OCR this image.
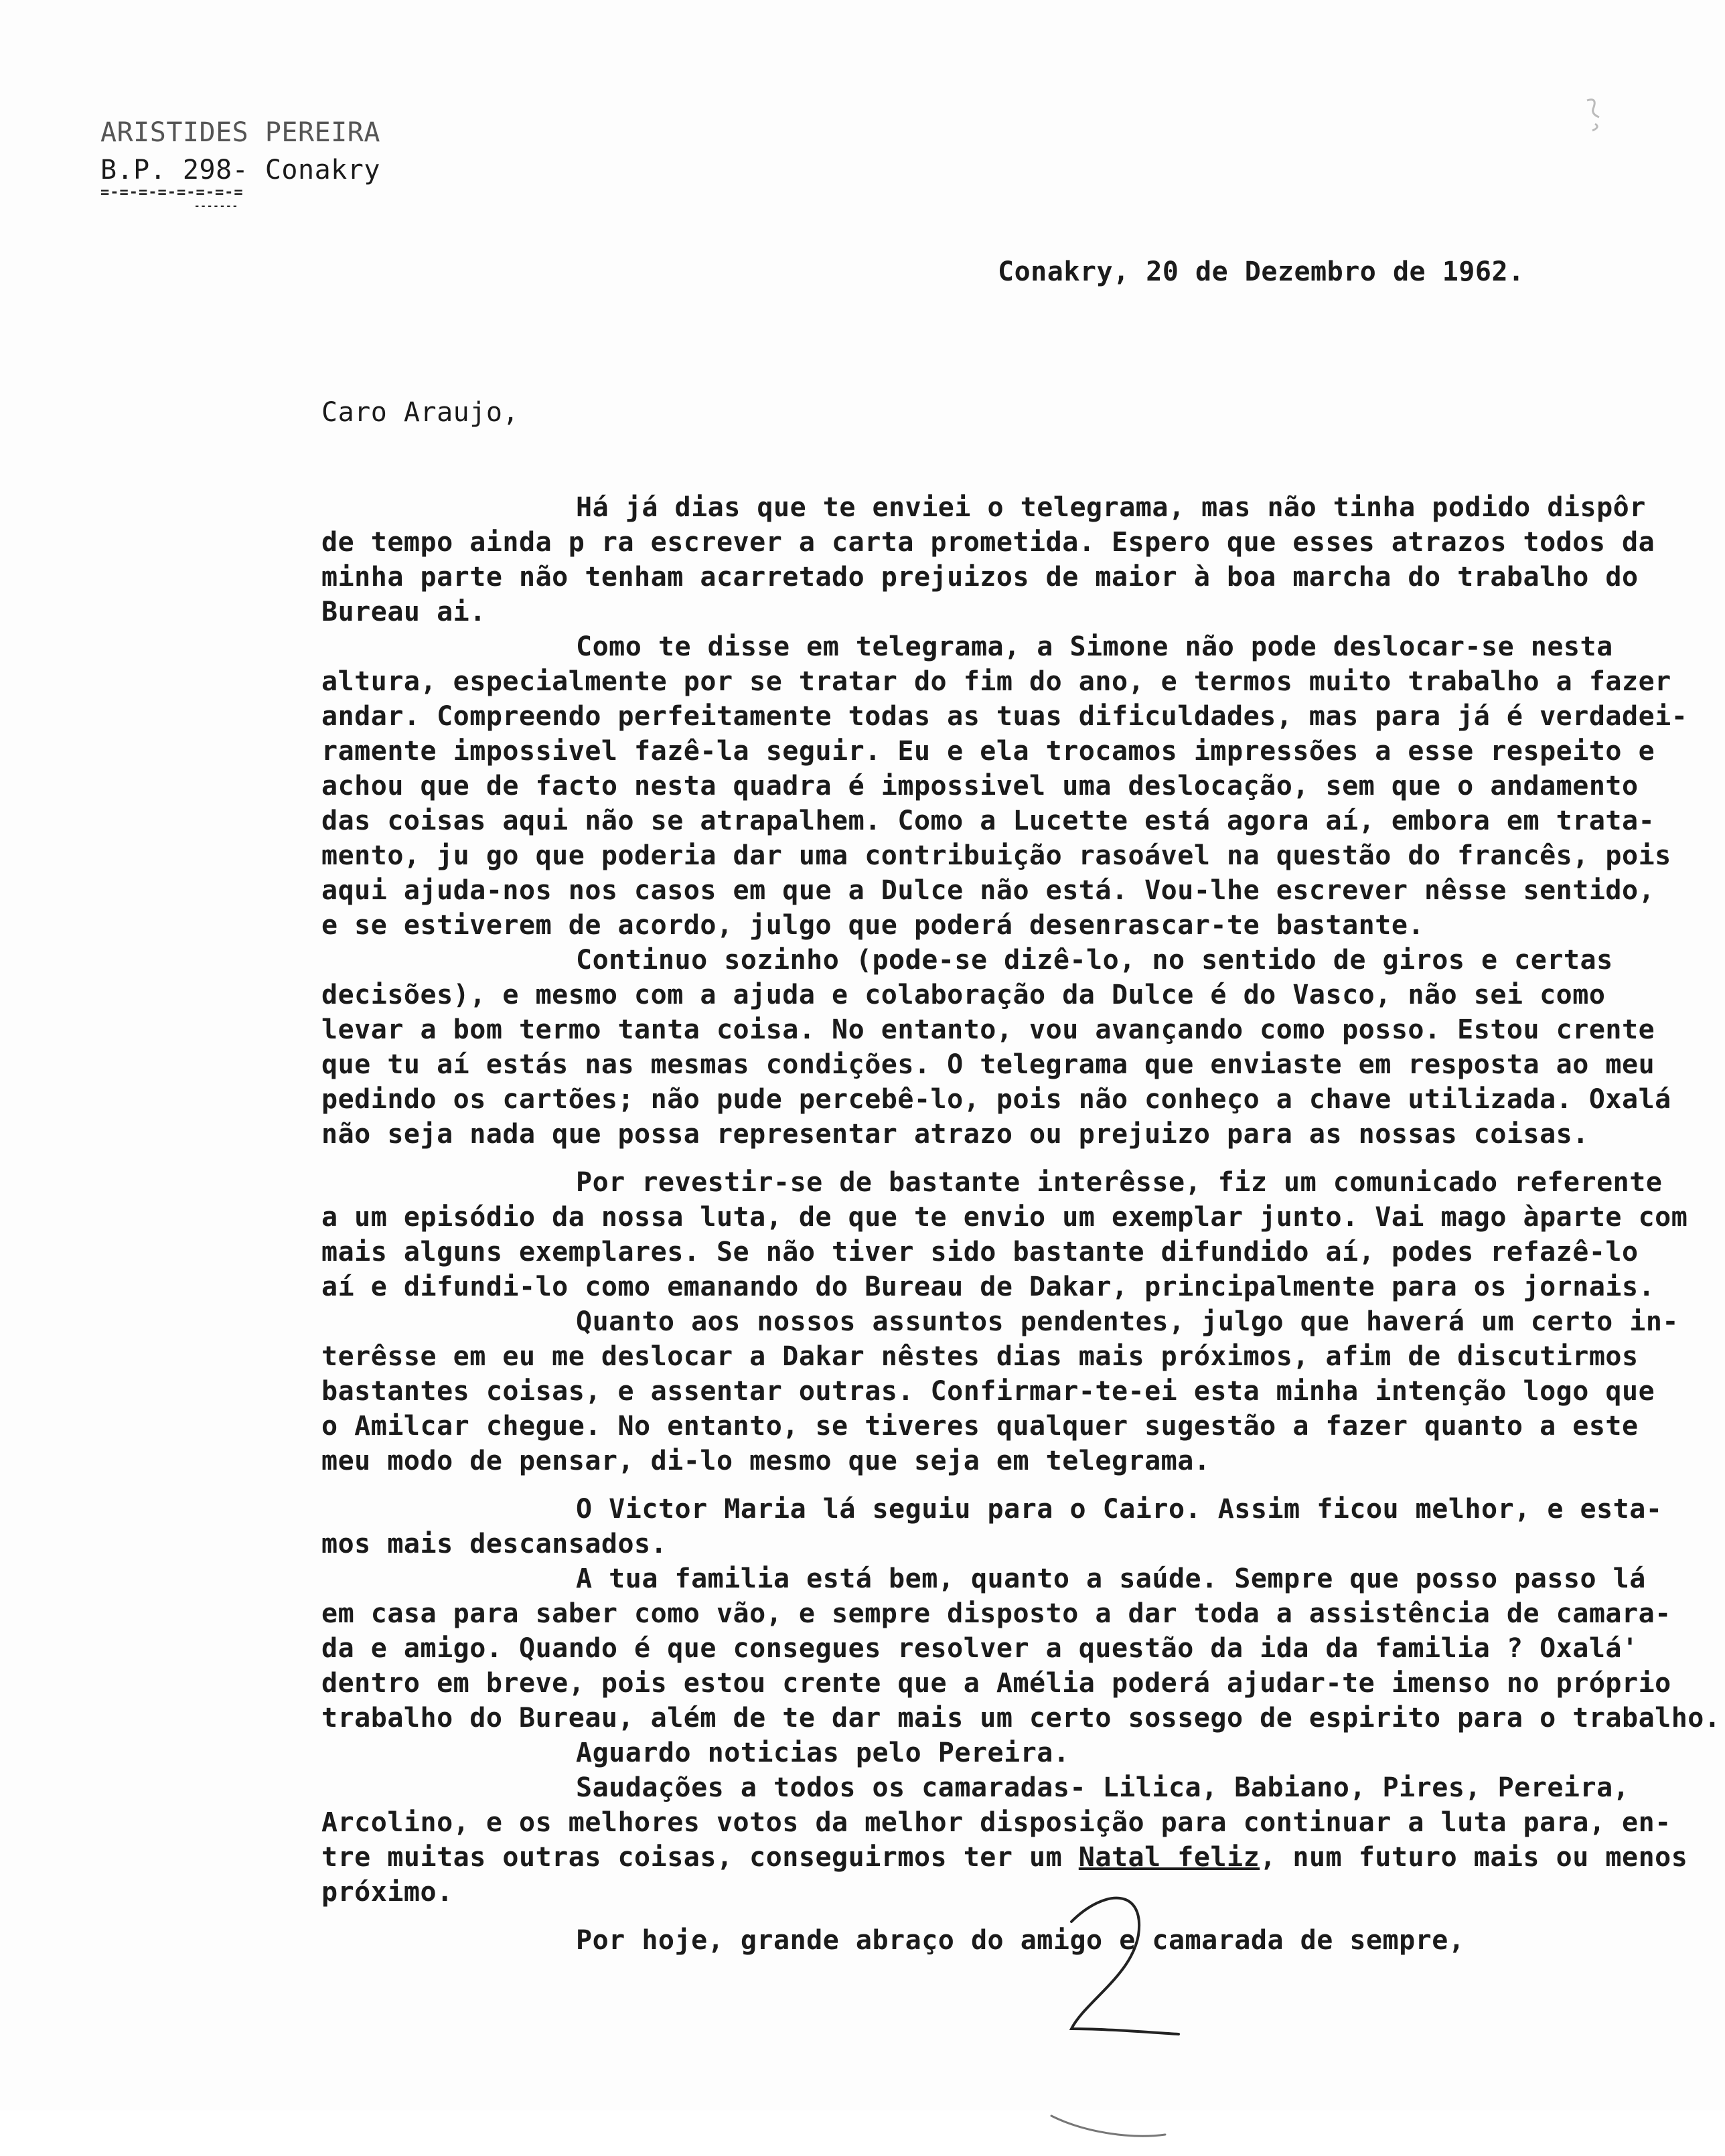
ARISTIDES PEREIRA
B.P. 298- Conakry
=-=-=-=-=-=-=-=
-------
Conakry, 20 de Dezembro de 1962.
Caro Araujo,
Há já dias que te enviei o telegrama, mas não tinha podido dispôr
de tempo ainda p ra escrever a carta prometida. Espero que esses atrazos todos da
minha parte não tenham acarretado prejuizos de maior à boa marcha do trabalho do
Bureau ai.
Como te disse em telegrama, a Simone não pode deslocar-se nesta
altura, especialmente por se tratar do fim do ano, e termos muito trabalho a fazer
andar. Compreendo perfeitamente todas as tuas dificuldades, mas para já é verdadei-
ramente impossivel fazê-la seguir. Eu e ela trocamos impressões a esse respeito e
achou que de facto nesta quadra é impossivel uma deslocação, sem que o andamento
das coisas aqui não se atrapalhem. Como a Lucette está agora aí, embora em trata-
mento, ju go que poderia dar uma contribuição rasoável na questão do francês, pois
aqui ajuda-nos nos casos em que a Dulce não está. Vou-lhe escrever nêsse sentido,
e se estiverem de acordo, julgo que poderá desenrascar-te bastante.
Continuo sozinho (pode-se dizê-lo, no sentido de giros e certas
decisões), e mesmo com a ajuda e colaboração da Dulce é do Vasco, não sei como
levar a bom termo tanta coisa. No entanto, vou avançando como posso. Estou crente
que tu aí estás nas mesmas condições. O telegrama que enviaste em resposta ao meu
pedindo os cartões; não pude percebê-lo, pois não conheço a chave utilizada. Oxalá
não seja nada que possa representar atrazo ou prejuizo para as nossas coisas.
Por revestir-se de bastante interêsse, fiz um comunicado referente
a um episódio da nossa luta, de que te envio um exemplar junto. Vai mago àparte com
mais alguns exemplares. Se não tiver sido bastante difundido aí, podes refazê-lo
aí e difundi-lo como emanando do Bureau de Dakar, principalmente para os jornais.
Quanto aos nossos assuntos pendentes, julgo que haverá um certo in-
terêsse em eu me deslocar a Dakar nêstes dias mais próximos, afim de discutirmos
bastantes coisas, e assentar outras. Confirmar-te-ei esta minha intenção logo que
o Amilcar chegue. No entanto, se tiveres qualquer sugestão a fazer quanto a este
meu modo de pensar, di-lo mesmo que seja em telegrama.
O Victor Maria lá seguiu para o Cairo. Assim ficou melhor, e esta-
mos mais descansados.
A tua familia está bem, quanto a saúde. Sempre que posso passo lá
em casa para saber como vão, e sempre disposto a dar toda a assistência de camara-
da e amigo. Quando é que consegues resolver a questão da ida da familia ? Oxalá'
dentro em breve, pois estou crente que a Amélia poderá ajudar-te imenso no próprio
trabalho do Bureau, além de te dar mais um certo sossego de espirito para o trabalho.
Aguardo noticias pelo Pereira.
Saudações a todos os camaradas- Lilica, Babiano, Pires, Pereira,
Arcolino, e os melhores votos da melhor disposição para continuar a luta para, en-
tre muitas outras coisas, conseguirmos ter um Natal feliz, num futuro mais ou menos
próximo.
Por hoje, grande abraço do amigo e camarada de sempre,
